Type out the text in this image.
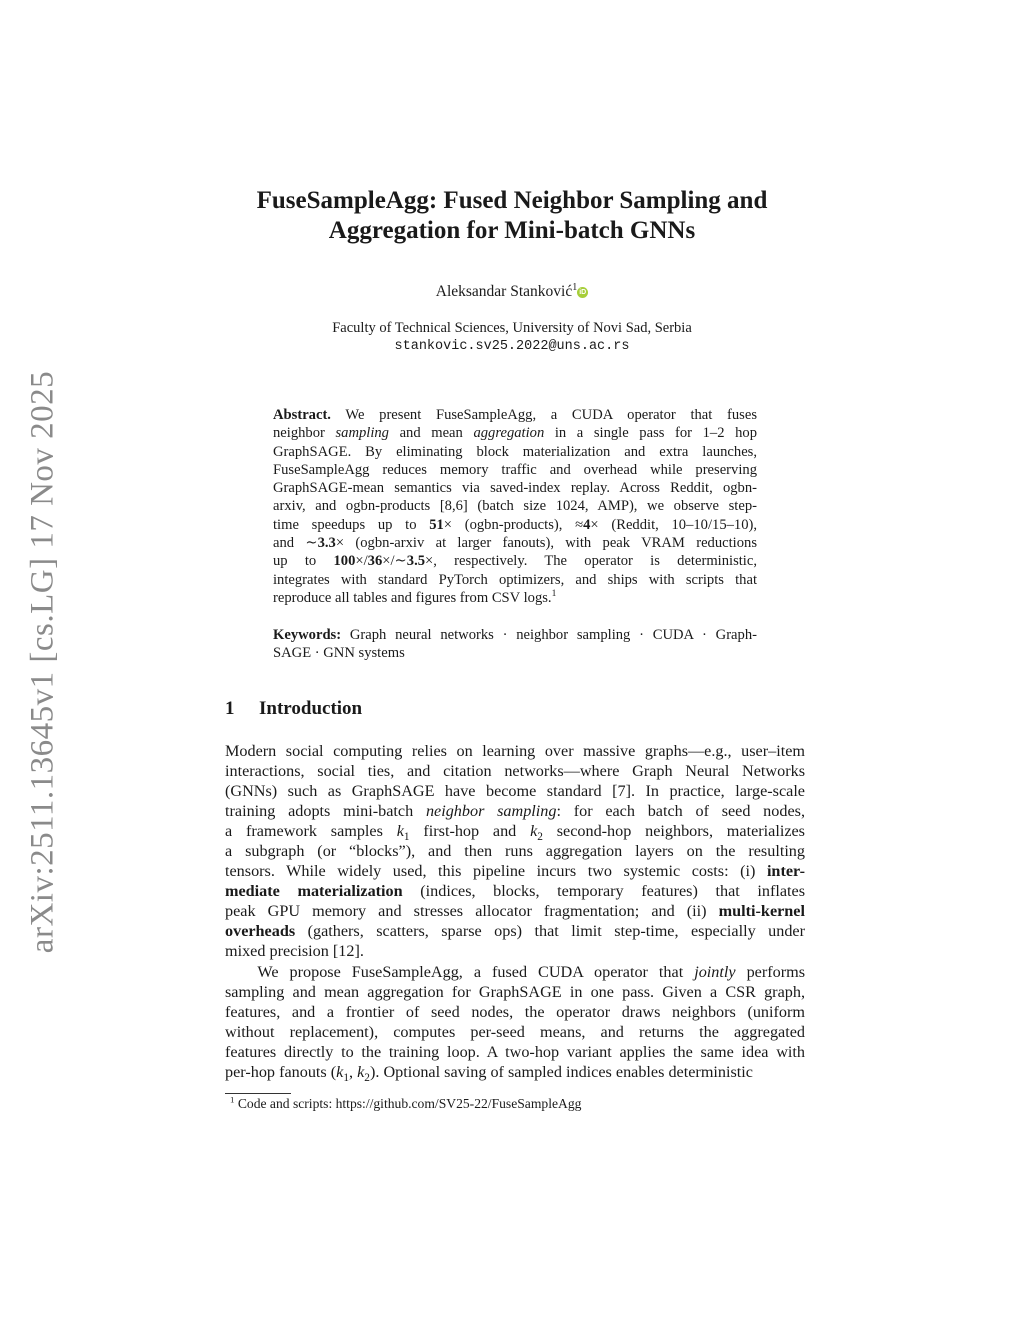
arXiv:2511.13645v1 [cs.LG] 17 Nov 2025
FuseSampleAgg: Fused Neighbor Sampling and
Aggregation for Mini-batch GNNs
Aleksandar Stanković$^1$ iD
Faculty of Technical Sciences, University of Novi Sad, Serbia
stankovic.sv25.2022@uns.ac.rs
Abstract. We present FuseSampleAgg, a CUDA operator that fuses
neighbor sampling and mean aggregation in a single pass for 1–2 hop
GraphSAGE. By eliminating block materialization and extra launches,
FuseSampleAgg reduces memory traffic and overhead while preserving
GraphSAGE-mean semantics via saved-index replay. Across Reddit, ogbn-
arxiv, and ogbn-products [8,6] (batch size 1024, AMP), we observe step-
time speedups up to 51× (ogbn-products), ≈4× (Reddit, 10–10/15–10),
and ∼3.3× (ogbn-arxiv at larger fanouts), with peak VRAM reductions
up to 100×/36×/∼3.5×, respectively. The operator is deterministic,
integrates with standard PyTorch optimizers, and ships with scripts that
reproduce all tables and figures from CSV logs.$^1$
Keywords: Graph neural networks · neighbor sampling · CUDA · Graph-
SAGE · GNN systems
1 Introduction
Modern social computing relies on learning over massive graphs—e.g., user–item
interactions, social ties, and citation networks—where Graph Neural Networks
(GNNs) such as GraphSAGE have become standard [7]. In practice, large-scale
training adopts mini-batch neighbor sampling: for each batch of seed nodes,
a framework samples $k_1$ first-hop and $k_2$ second-hop neighbors, materializes
a subgraph (or “blocks”), and then runs aggregation layers on the resulting
tensors. While widely used, this pipeline incurs two systemic costs: (i) inter-
mediate materialization (indices, blocks, temporary features) that inflates
peak GPU memory and stresses allocator fragmentation; and (ii) multi-kernel
overheads (gathers, scatters, sparse ops) that limit step-time, especially under
mixed precision [12].
  We propose FuseSampleAgg, a fused CUDA operator that jointly performs
sampling and mean aggregation for GraphSAGE in one pass. Given a CSR graph,
features, and a frontier of seed nodes, the operator draws neighbors (uniform
without replacement), computes per-seed means, and returns the aggregated
features directly to the training loop. A two-hop variant applies the same idea with
per-hop fanouts ($k_1$, $k_2$). Optional saving of sampled indices enables deterministic
$^1$ Code and scripts: https://github.com/SV25-22/FuseSampleAgg
